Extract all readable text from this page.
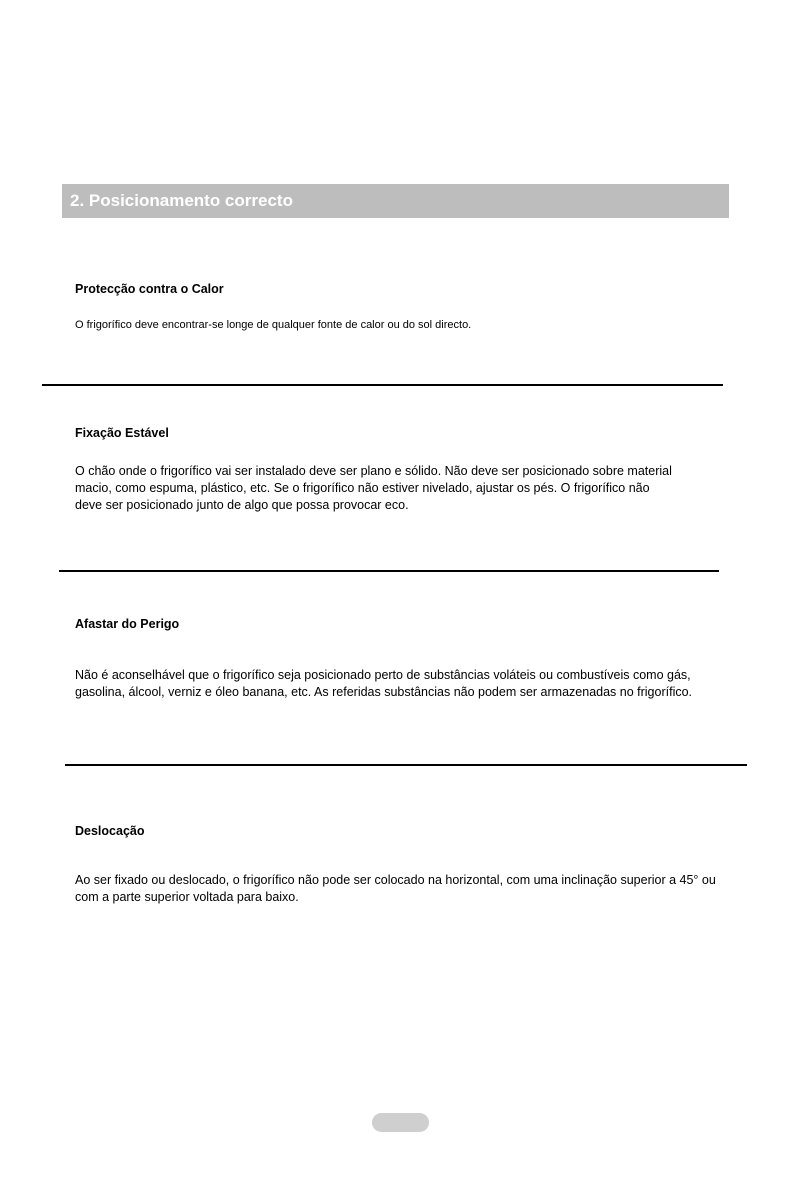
2. Posicionamento correcto
Protecção contra o Calor
O frigorífico deve encontrar-se longe de qualquer fonte de calor ou do sol directo.
Fixação Estável
O chão onde o frigorífico vai ser instalado deve ser plano e sólido. Não deve ser posicionado sobre material macio, como espuma, plástico, etc. Se o frigorífico não estiver nivelado, ajustar os pés. O frigorífico não deve ser posicionado junto de algo que possa provocar eco.
Afastar do Perigo
Não é aconselhável que o frigorífico seja posicionado perto de substâncias voláteis ou combustíveis como gás, gasolina, álcool, verniz e óleo banana, etc. As referidas substâncias não podem ser armazenadas no frigorífico.
Deslocação
Ao ser fixado ou deslocado, o frigorífico não pode ser colocado na horizontal, com uma inclinação superior a 45° ou com a parte superior voltada para baixo.
